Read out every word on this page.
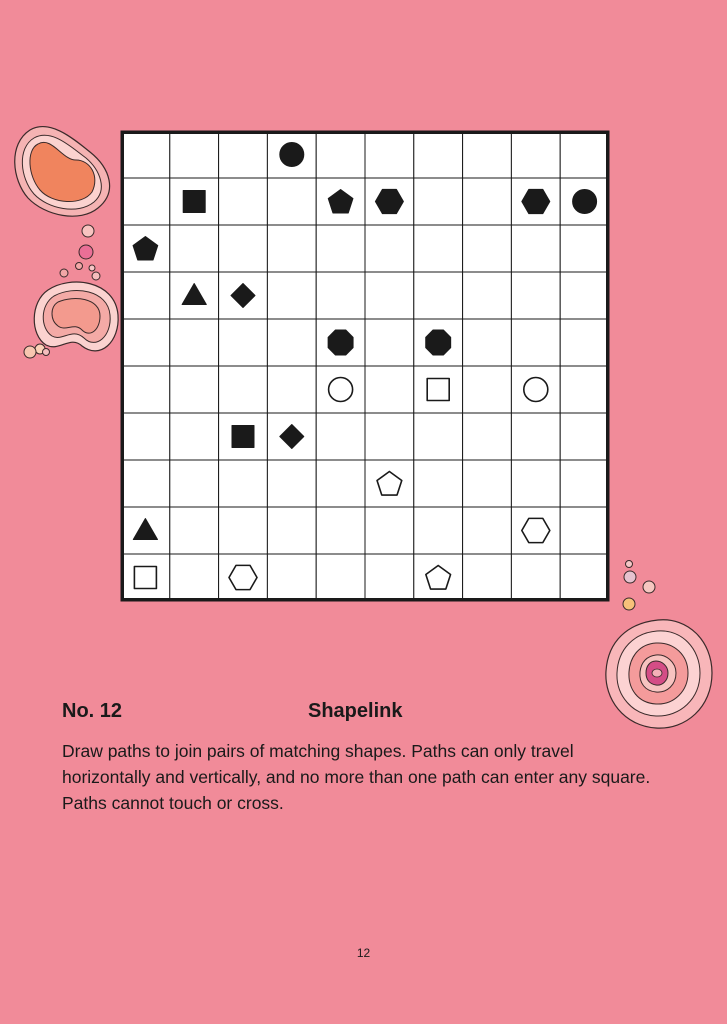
No. 12	Shapelink

Draw paths to join pairs of matching shapes. Paths can only travel horizontally and vertically, and no more than one path can enter any square. Paths cannot touch or cross.

12
